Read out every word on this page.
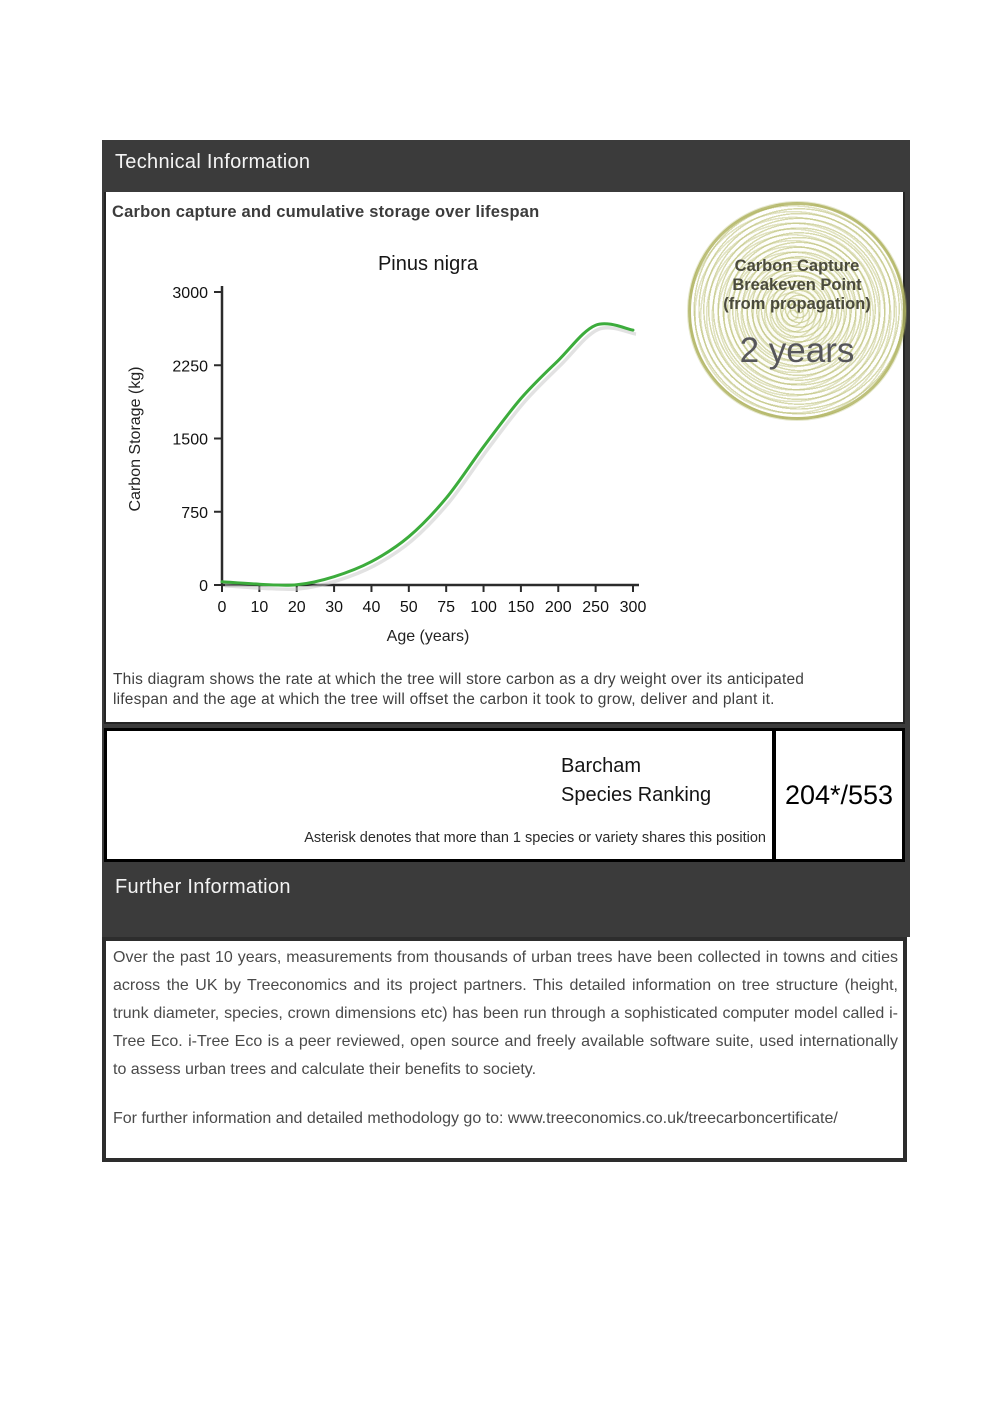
Technical Information
Carbon capture and cumulative storage over lifespan
Pinus nigra
Carbon Storage (kg)
Age (years)
0
750
1500
2250
3000
0 10 20 30 40 50 75 100 150 200 250 300
Carbon Capture
Breakeven Point
(from propagation)
2 years
This diagram shows the rate at which the tree will store carbon as a dry weight over its anticipated
lifespan and the age at which the tree will offset the carbon it took to grow, deliver and plant it.
Barcham
Species Ranking
Asterisk denotes that more than 1 species or variety shares this position
204*/553
Further Information

Over the past 10 years, measurements from thousands of urban trees have been collected in towns and cities across the UK by Treeconomics and its project partners. This detailed information on tree structure (height, trunk diameter, species, crown dimensions etc) has been run through a sophisticated computer model called i-Tree Eco. i-Tree Eco is a peer reviewed, open source and freely available software suite, used internationally to assess urban trees and calculate their benefits to society.

For further information and detailed methodology go to: www.treeconomics.co.uk/treecarboncertificate/
